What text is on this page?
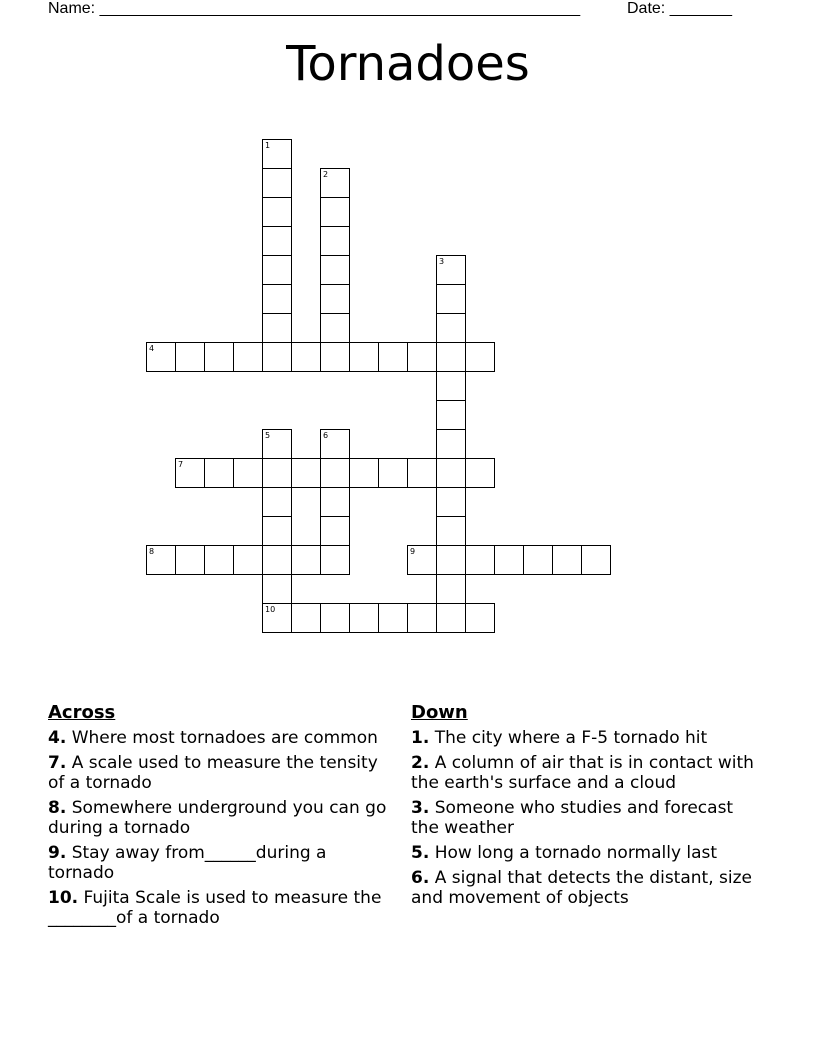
Name: ______________________________________________________	Date: _______
Tornadoes
1
2
3
4
5	6
7
8	9
10
Across
4. Where most tornadoes are common
7. A scale used to measure the tensity of a tornado
8. Somewhere underground you can go during a tornado
9. Stay away from______during a tornado
10. Fujita Scale is used to measure the ________of a tornado
Down
1. The city where a F-5 tornado hit
2. A column of air that is in contact with the earth's surface and a cloud
3. Someone who studies and forecast the weather
5. How long a tornado normally last
6. A signal that detects the distant, size and movement of objects
